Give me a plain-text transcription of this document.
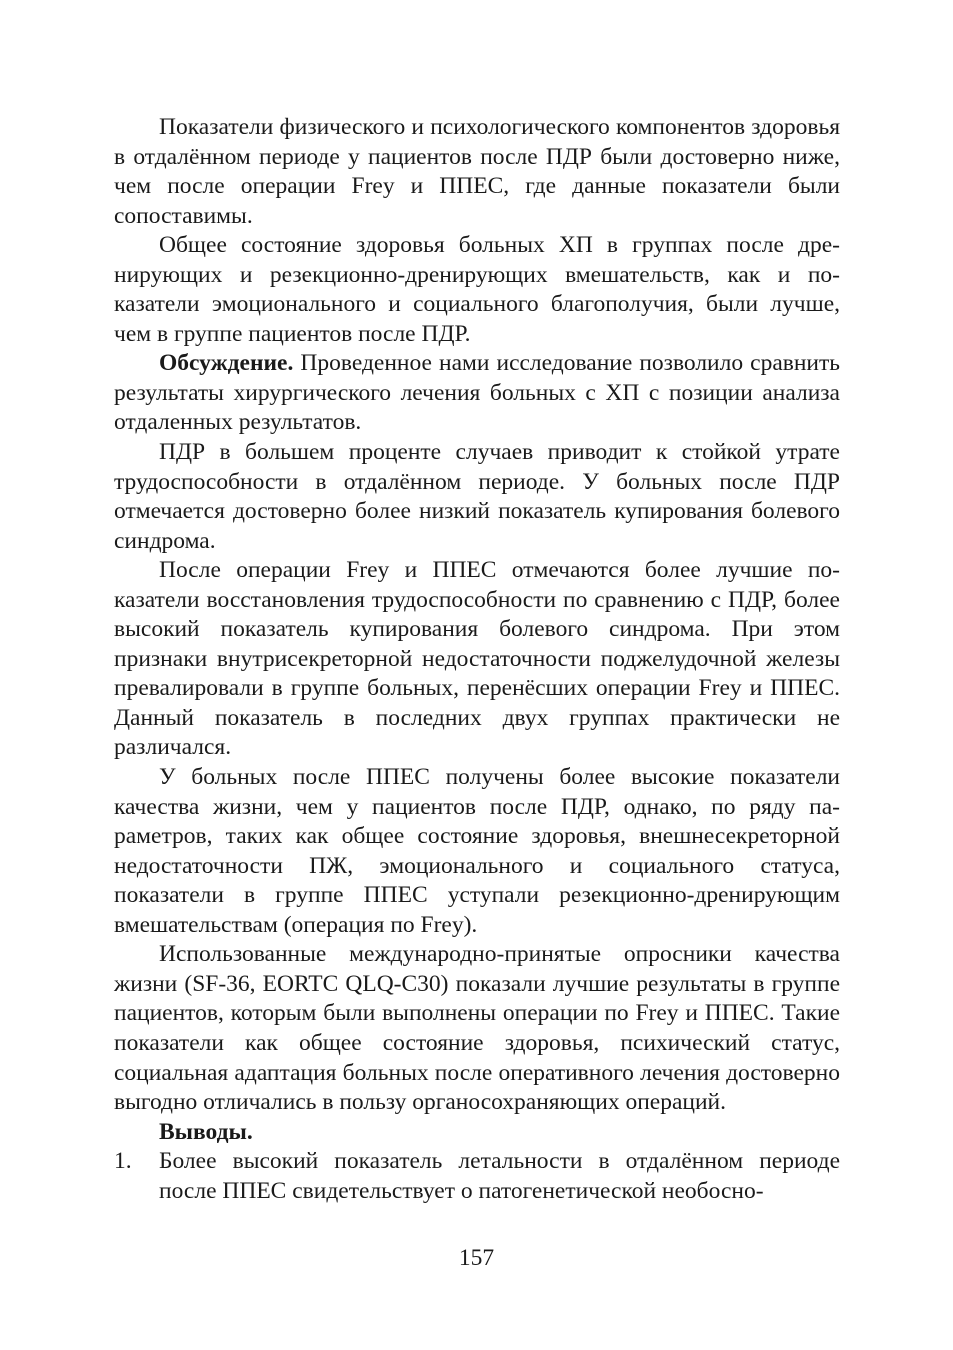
Показатели физического и психологического компонентов здоровья в отдалённом периоде у пациентов после ПДР были достоверно ниже, чем после операции Frey и ППЕС, где данные показатели были сопоставимы.

Общее состояние здоровья больных ХП в группах после дренирующих и резекционно-дренирующих вмешательств, как и показатели эмоционального и социального благополучия, были лучше, чем в группе пациентов после ПДР.

Обсуждение. Проведенное нами исследование позволило сравнить результаты хирургического лечения больных с ХП с позиции анализа отдаленных результатов.

ПДР в большем проценте случаев приводит к стойкой утрате трудоспособности в отдалённом периоде. У больных после ПДР отмечается достоверно более низкий показатель купирования болевого синдрома.

После операции Frey и ППЕС отмечаются более лучшие показатели восстановления трудоспособности по сравнению с ПДР, более высокий показатель купирования болевого синдрома. При этом признаки внутрисекреторной недостаточности поджелудочной железы превалировали в группе больных, перенёсших операции Frey и ППЕС. Данный показатель в последних двух группах практически не различался.

У больных после ППЕС получены более высокие показатели качества жизни, чем у пациентов после ПДР, однако, по ряду параметров, таких как общее состояние здоровья, внешнесекреторной недостаточности ПЖ, эмоционального и социального статуса, показатели в группе ППЕС уступали резекционно-дренирующим вмешательствам (операция по Frey).

Использованные международно-принятые опросники качества жизни (SF-36, EORTC QLQ-C30) показали лучшие результаты в группе пациентов, которым были выполнены операции по Frey и ППЕС. Такие показатели как общее состояние здоровья, психический статус, социальная адаптация больных после оперативного лечения достоверно выгодно отличались в пользу органосохраняющих операций.

Выводы.

1.	Более высокий показатель летальности в отдалённом периоде после ППЕС свидетельствует о патогенетической необосно-
157
